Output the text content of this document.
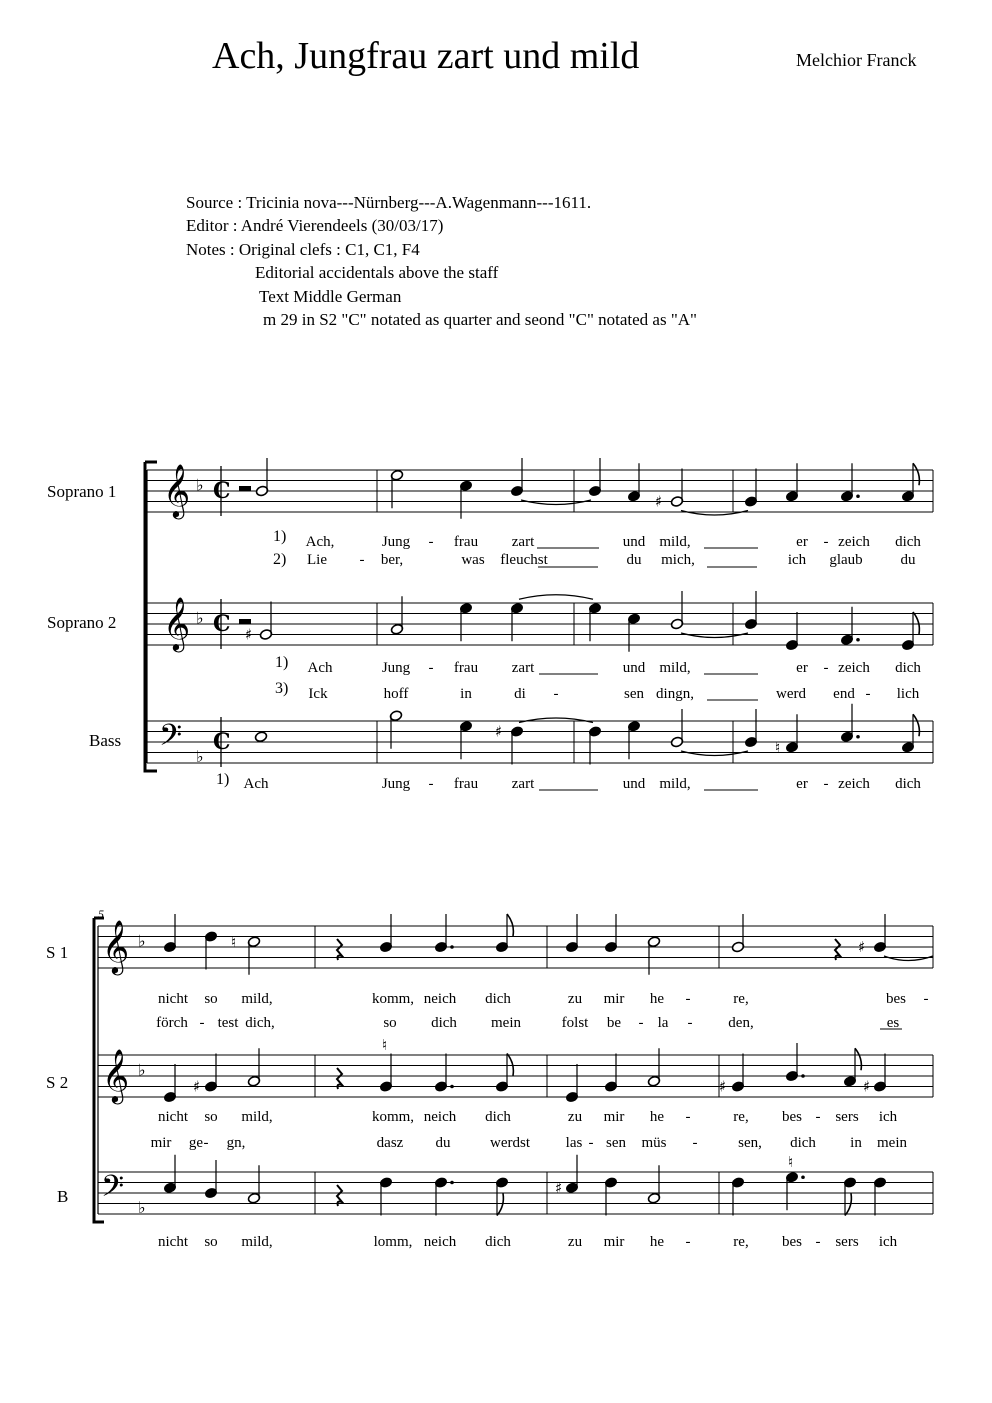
Ach, Jungfrau zart und mild	Melchior Franck
Source : Tricinia nova---Nürnberg---A.Wagenmann---1611.
Editor : André Vierendeels (30/03/17)
Notes : Original clefs : C1, C1, F4
Editorial accidentals above the staff
Text Middle German
m 29 in S2 "C" notated as quarter and seond "C" notated as "A"
Soprano 1
Soprano 2
Bass
S 1
S 2
B
5
𝄞 ♭ C
𝄞 ♭ C
𝄢 ♭
C
♯
♯
♯
♮
𝄞 ♭
𝄞 ♭
𝄢 ♭
♮	♯
♯
♮
♯	♯
♯
♮
1)
2)
Ach,	Jung - frau zart	und mild,	er - zeich dich
Lie - ber,	was fleuchst	du mich,	ich glaub	du
1)
3)
Ach	Jung - frau zart	und mild,	er - zeich dich
Ick	hoff	in	di -	sen dingn,	werd end - lich
1) Ach	Jung - frau zart	und mild,	er - zeich dich
nicht so mild,	komm, neich dich	zu mir he -	re,	bes -
förch - test dich,	so dich mein	folst be - la - den,	es
nicht so mild,	komm, neich dich	zu mir he -	re, bes - sers ich
mir ge - gn,	dasz du	werdst las - sen müs -	sen, dich in mein
nicht so mild,	lomm, neich dich	zu mir he -	re, bes - sers ich
